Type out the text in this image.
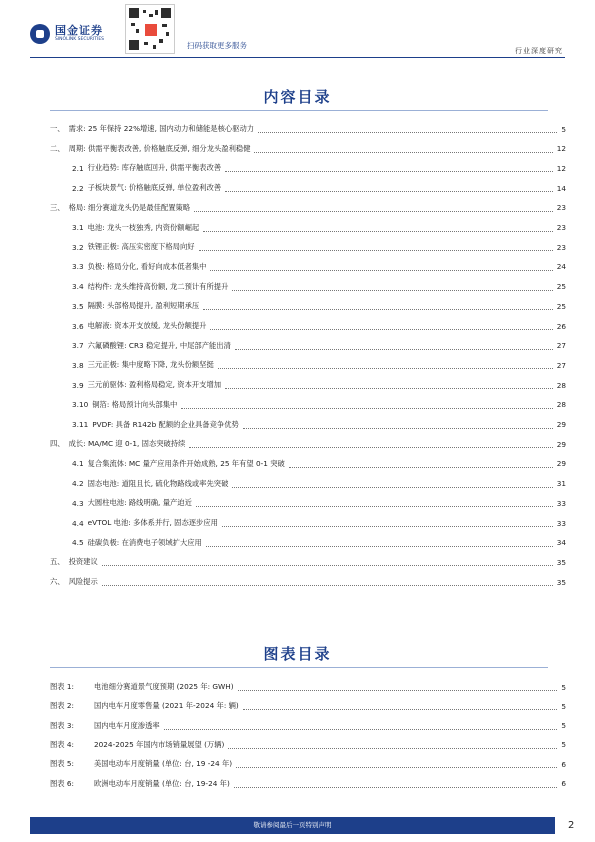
国金证券
SINOLINK SECURITIES
扫码获取更多服务
行业深度研究
内容目录
一、 需求: 25 年保持 22%增速, 国内动力和储能是核心驱动力	5
二、 周期: 供需平衡表改善, 价格触底反弹, 细分龙头盈利稳健	12
2.1 行业趋势: 库存触底回升, 供需平衡表改善	12
2.2 子板块景气: 价格触底反弹, 单位盈利改善	14
三、 格局: 细分赛道龙头仍是最佳配置策略	23
3.1 电池: 龙头一枝独秀, 内资份额崛起	23
3.2 铁锂正极: 高压实密度下格局向好	23
3.3 负极: 格局分化, 看好向成本低者集中	24
3.4 结构件: 龙头维持高份额, 龙二预计有所提升	25
3.5 隔膜: 头部格局提升, 盈利短期承压	25
3.6 电解液: 资本开支放缓, 龙头份额提升	26
3.7 六氟磷酸锂: CR3 稳定提升, 中尾部产能出清	27
3.8 三元正极: 集中度略下降, 龙头份额坚挺	27
3.9 三元前驱体: 盈利格局稳定, 资本开支增加	28
3.10 铜箔: 格局预计向头部集中	28
3.11 PVDF: 具备 R142b 配额的企业具备竞争优势	29
四、 成长: MA/MC 迎 0-1, 固态突破持续	29
4.1 复合集流体: MC 量产应用条件开始成熟, 25 年有望 0-1 突破	29
4.2 固态电池: 道阻且长, 硫化物路线或率先突破	31
4.3 大圆柱电池: 路线明确, 量产迫近	33
4.4 eVTOL 电池: 多体系并行, 固态逐步应用	33
4.5 硅碳负极: 在消费电子领域扩大应用	34
五、 投资建议	35
六、 风险提示	35
图表目录
图表 1:	电池细分赛道景气度预期 (2025 年: GWH)	5
图表 2:	国内电车月度零售量 (2021 年-2024 年: 辆)	5
图表 3:	国内电车月度渗透率	5
图表 4:	2024-2025 年国内市场销量展望 (万辆)	5
图表 5:	美国电动车月度销量 (单位: 台, 19 -24 年)	6
图表 6:	欧洲电动车月度销量 (单位: 台, 19-24 年)	6
敬请参阅最后一页特别声明	2
